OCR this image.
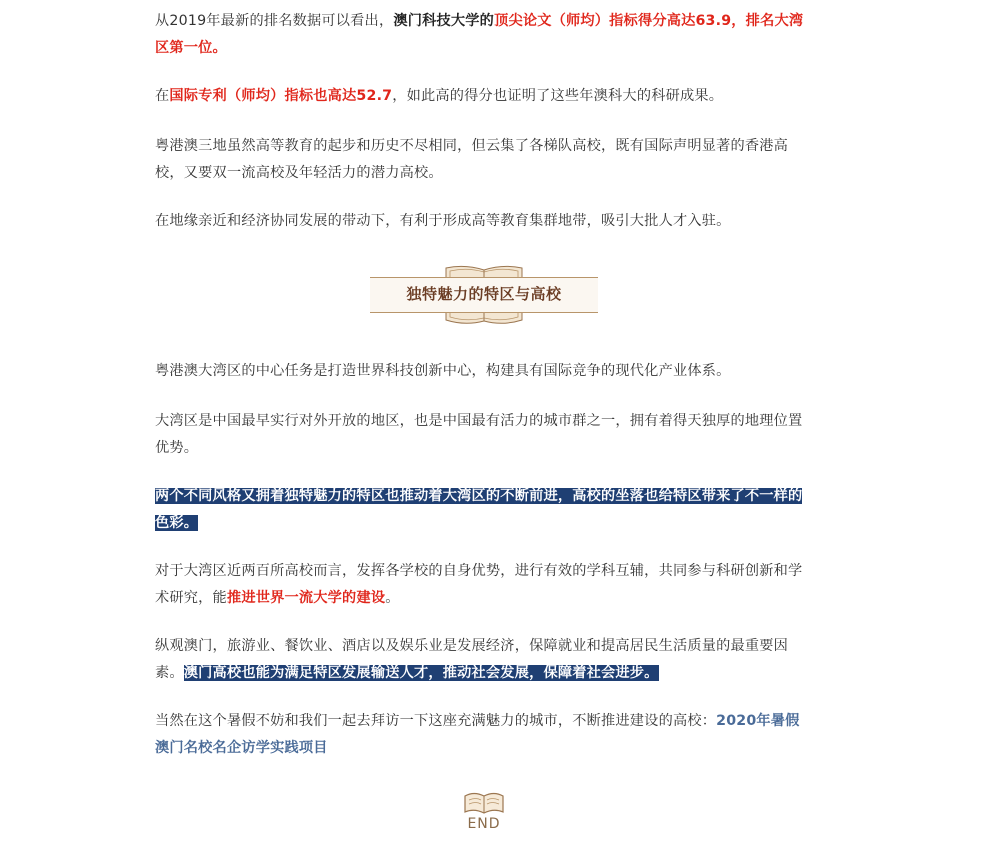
从2019年最新的排名数据可以看出，澳门科技大学的顶尖论文（师均）指标得分高达63.9，排名大湾区第一位。

在国际专利（师均）指标也高达52.7，如此高的得分也证明了这些年澳科大的科研成果。

粤港澳三地虽然高等教育的起步和历史不尽相同，但云集了各梯队高校，既有国际声明显著的香港高校，又要双一流高校及年轻活力的潜力高校。

在地缘亲近和经济协同发展的带动下，有利于形成高等教育集群地带，吸引大批人才入驻。

粤港澳大湾区的中心任务是打造世界科技创新中心，构建具有国际竞争的现代化产业体系。

大湾区是中国最早实行对外开放的地区，也是中国最有活力的城市群之一，拥有着得天独厚的地理位置优势。

两个不同风格又拥着独特魅力的特区也推动着大湾区的不断前进，高校的坐落也给特区带来了不一样的色彩。

对于大湾区近两百所高校而言，发挥各学校的自身优势，进行有效的学科互辅，共同参与科研创新和学术研究，能推进世界一流大学的建设。

纵观澳门，旅游业、餐饮业、酒店以及娱乐业是发展经济，保障就业和提高居民生活质量的最重要因素。澳门高校也能为满足特区发展输送人才，推动社会发展，保障着社会进步。

当然在这个暑假不妨和我们一起去拜访一下这座充满魅力的城市，不断推进建设的高校：2020年暑假澳门名校名企访学实践项目

独特魅力的特区与高校
END
